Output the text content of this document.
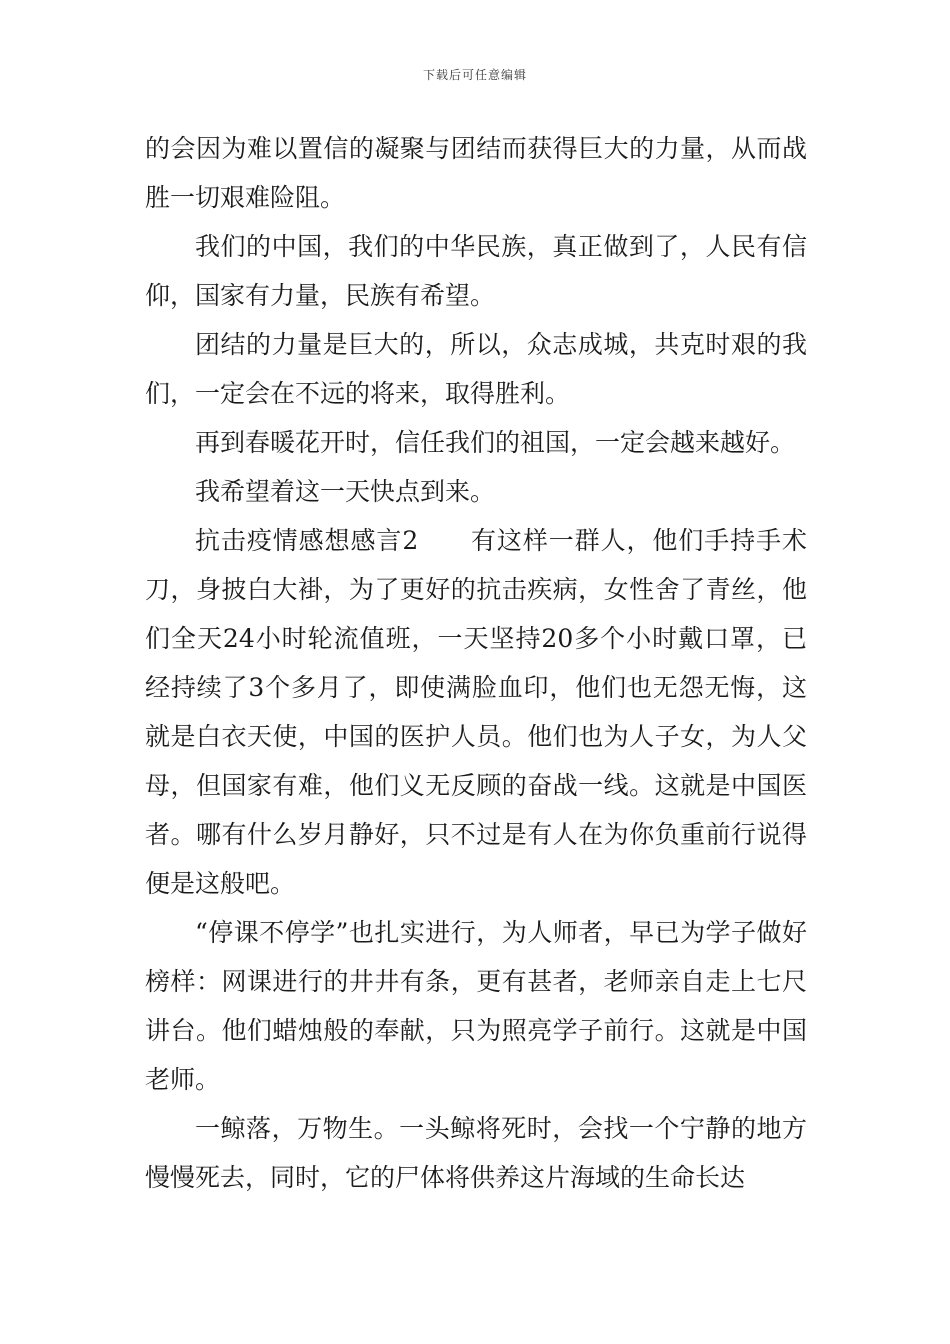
下载后可任意编辑

的会因为难以置信的凝聚与团结而获得巨大的力量，从而战胜一切艰难险阻。

我们的中国，我们的中华民族，真正做到了，人民有信仰，国家有力量，民族有希望。

团结的力量是巨大的，所以，众志成城，共克时艰的我们，一定会在不远的将来，取得胜利。

再到春暖花开时，信任我们的祖国，一定会越来越好。

我希望着这一天快点到来。

抗击疫情感想感言2　　有这样一群人，他们手持手术刀，身披白大褂，为了更好的抗击疾病，女性舍了青丝，他们全天24小时轮流值班，一天坚持20多个小时戴口罩，已经持续了3个多月了，即使满脸血印，他们也无怨无悔，这就是白衣天使，中国的医护人员。他们也为人子女，为人父母，但国家有难，他们义无反顾的奋战一线。这就是中国医者。哪有什么岁月静好，只不过是有人在为你负重前行说得便是这般吧。

“停课不停学”也扎实进行，为人师者，早已为学子做好榜样：网课进行的井井有条，更有甚者，老师亲自走上七尺讲台。他们蜡烛般的奉献，只为照亮学子前行。这就是中国老师。

一鲸落，万物生。一头鲸将死时，会找一个宁静的地方慢慢死去，同时，它的尸体将供养这片海域的生命长达
